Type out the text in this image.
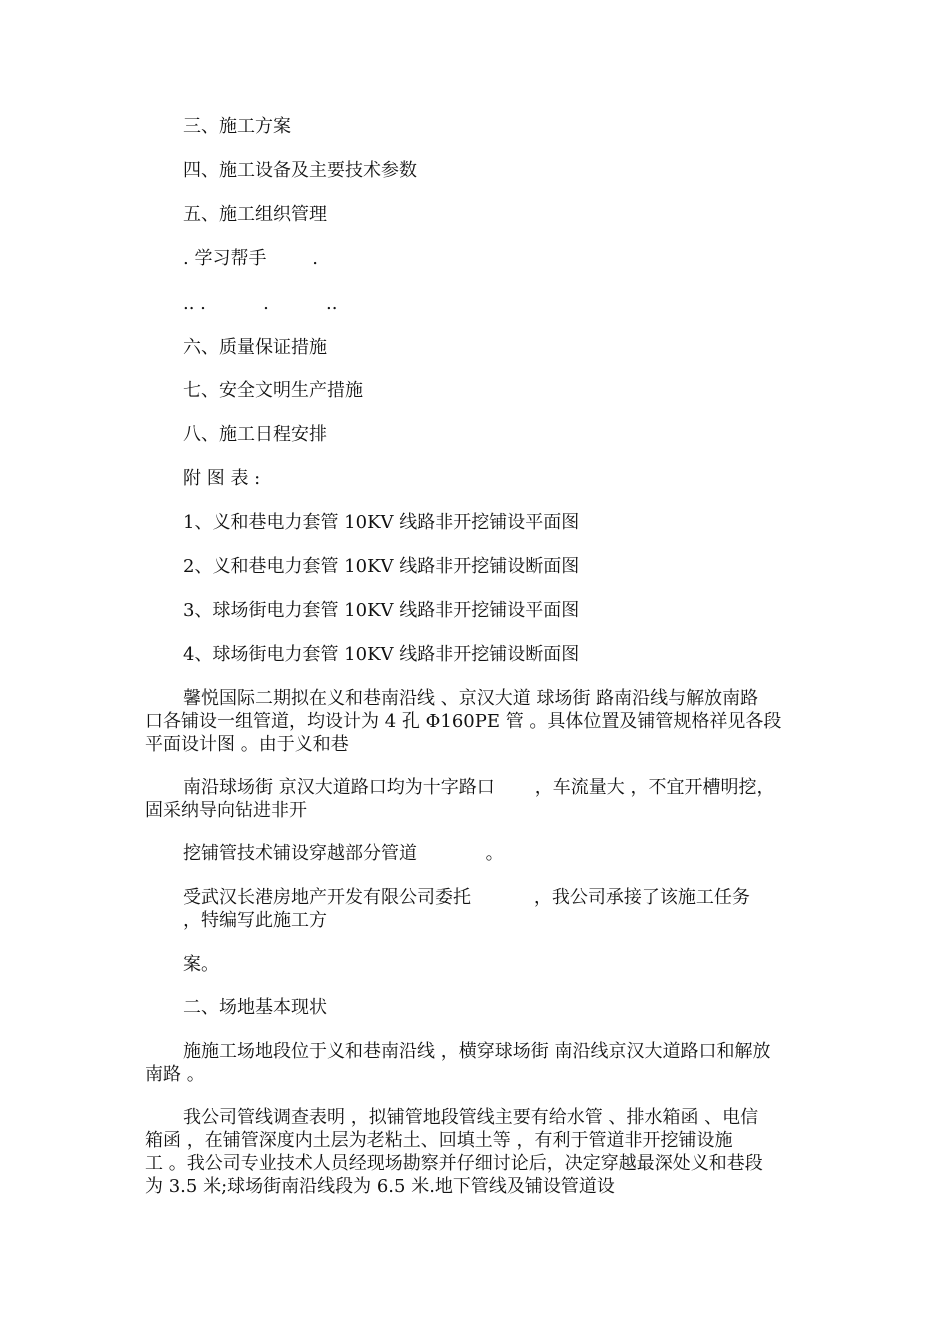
三、施工方案
四、施工设备及主要技术参数
五、施工组织管理
. 学习帮手        .
.. .          .          ..
六、质量保证措施
七、安全文明生产措施
八、施工日程安排
附 图 表 :
1、义和巷电力套管 10KV 线路非开挖铺设平面图
2、义和巷电力套管 10KV 线路非开挖铺设断面图
3、球场街电力套管 10KV 线路非开挖铺设平面图
4、球场街电力套管 10KV 线路非开挖铺设断面图
馨悦国际二期拟在义和巷南沿线 、京汉大道 球场街 路南沿线与解放南路
口各铺设一组管道，均设计为 4 孔 Φ160PE 管 。具体位置及铺管规格祥见各段
平面设计图 。由于义和巷
南沿球场街 京汉大道路口均为十字路口       ，车流量大 ，不宜开槽明挖，
固采纳导向钻进非开
挖铺管技术铺设穿越部分管道            。
受武汉长港房地产开发有限公司委托           ，我公司承接了该施工任务
，特编写此施工方
案。
二、场地基本现状
施施工场地段位于义和巷南沿线 ，横穿球场街 南沿线京汉大道路口和解放
南路 。
我公司管线调查表明 ，拟铺管地段管线主要有给水管 、排水箱函 、电信
箱函 ，在铺管深度内土层为老粘土、回填土等 ，有利于管道非开挖铺设施
工 。我公司专业技术人员经现场勘察并仔细讨论后，决定穿越最深处义和巷段
为 3.5 米;球场街南沿线段为 6.5 米.地下管线及铺设管道设
